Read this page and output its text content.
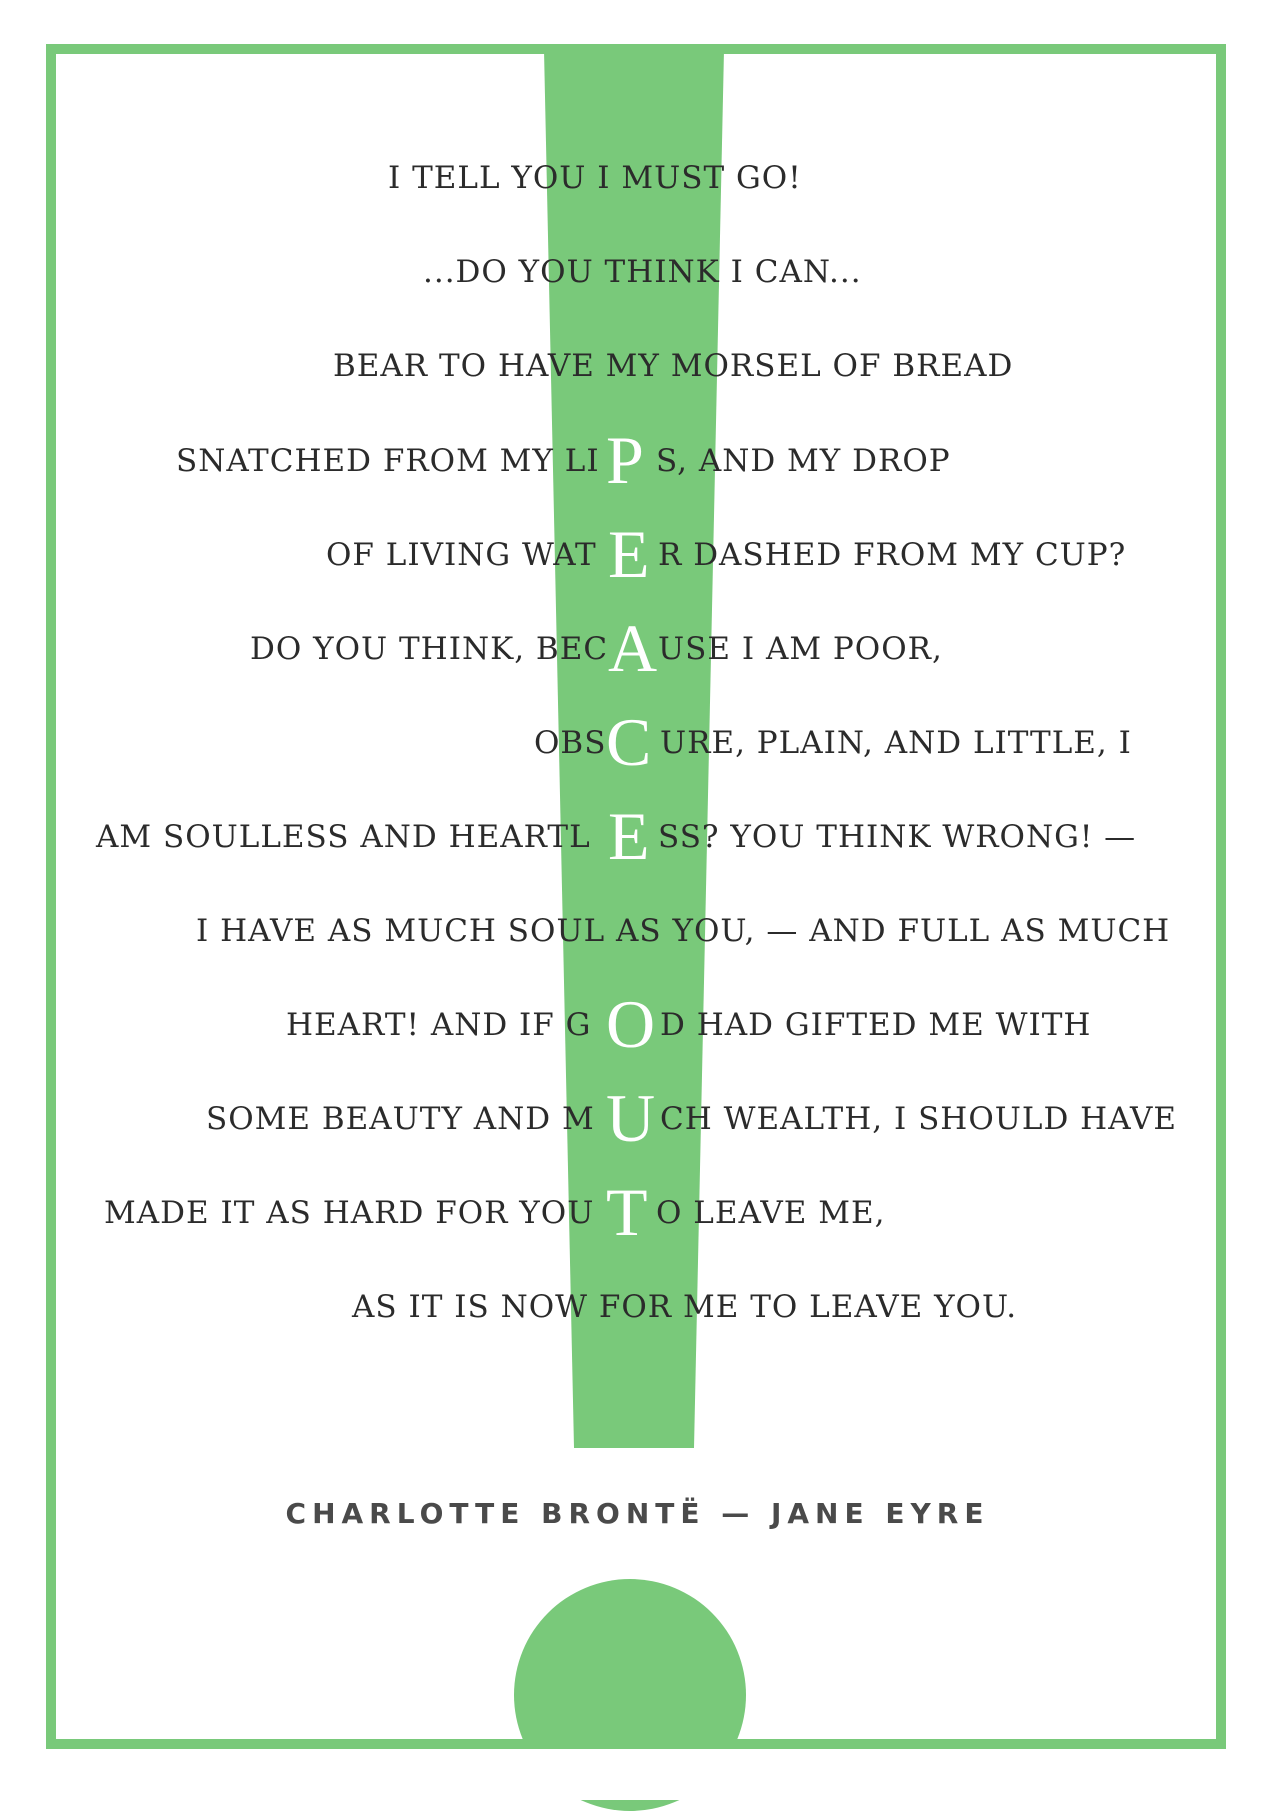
I TELL YOU I MUST GO!
...DO YOU THINK I CAN...
BEAR TO HAVE MY MORSEL OF BREAD
SNATCHED FROM MY LI P S, AND MY DROP
OF LIVING WAT E R DASHED FROM MY CUP?
DO YOU THINK, BEC A USE I AM POOR,
OBS C URE, PLAIN, AND LITTLE, I
AM SOULLESS AND HEARTL E SS? YOU THINK WRONG! —
I HAVE AS MUCH SOUL AS YOU, — AND FULL AS MUCH
HEART! AND IF G O D HAD GIFTED ME WITH
SOME BEAUTY AND M U CH WEALTH, I SHOULD HAVE
MADE IT AS HARD FOR YOU T O LEAVE ME,
AS IT IS NOW FOR ME TO LEAVE YOU.
CHARLOTTE BRONTË — JANE EYRE
